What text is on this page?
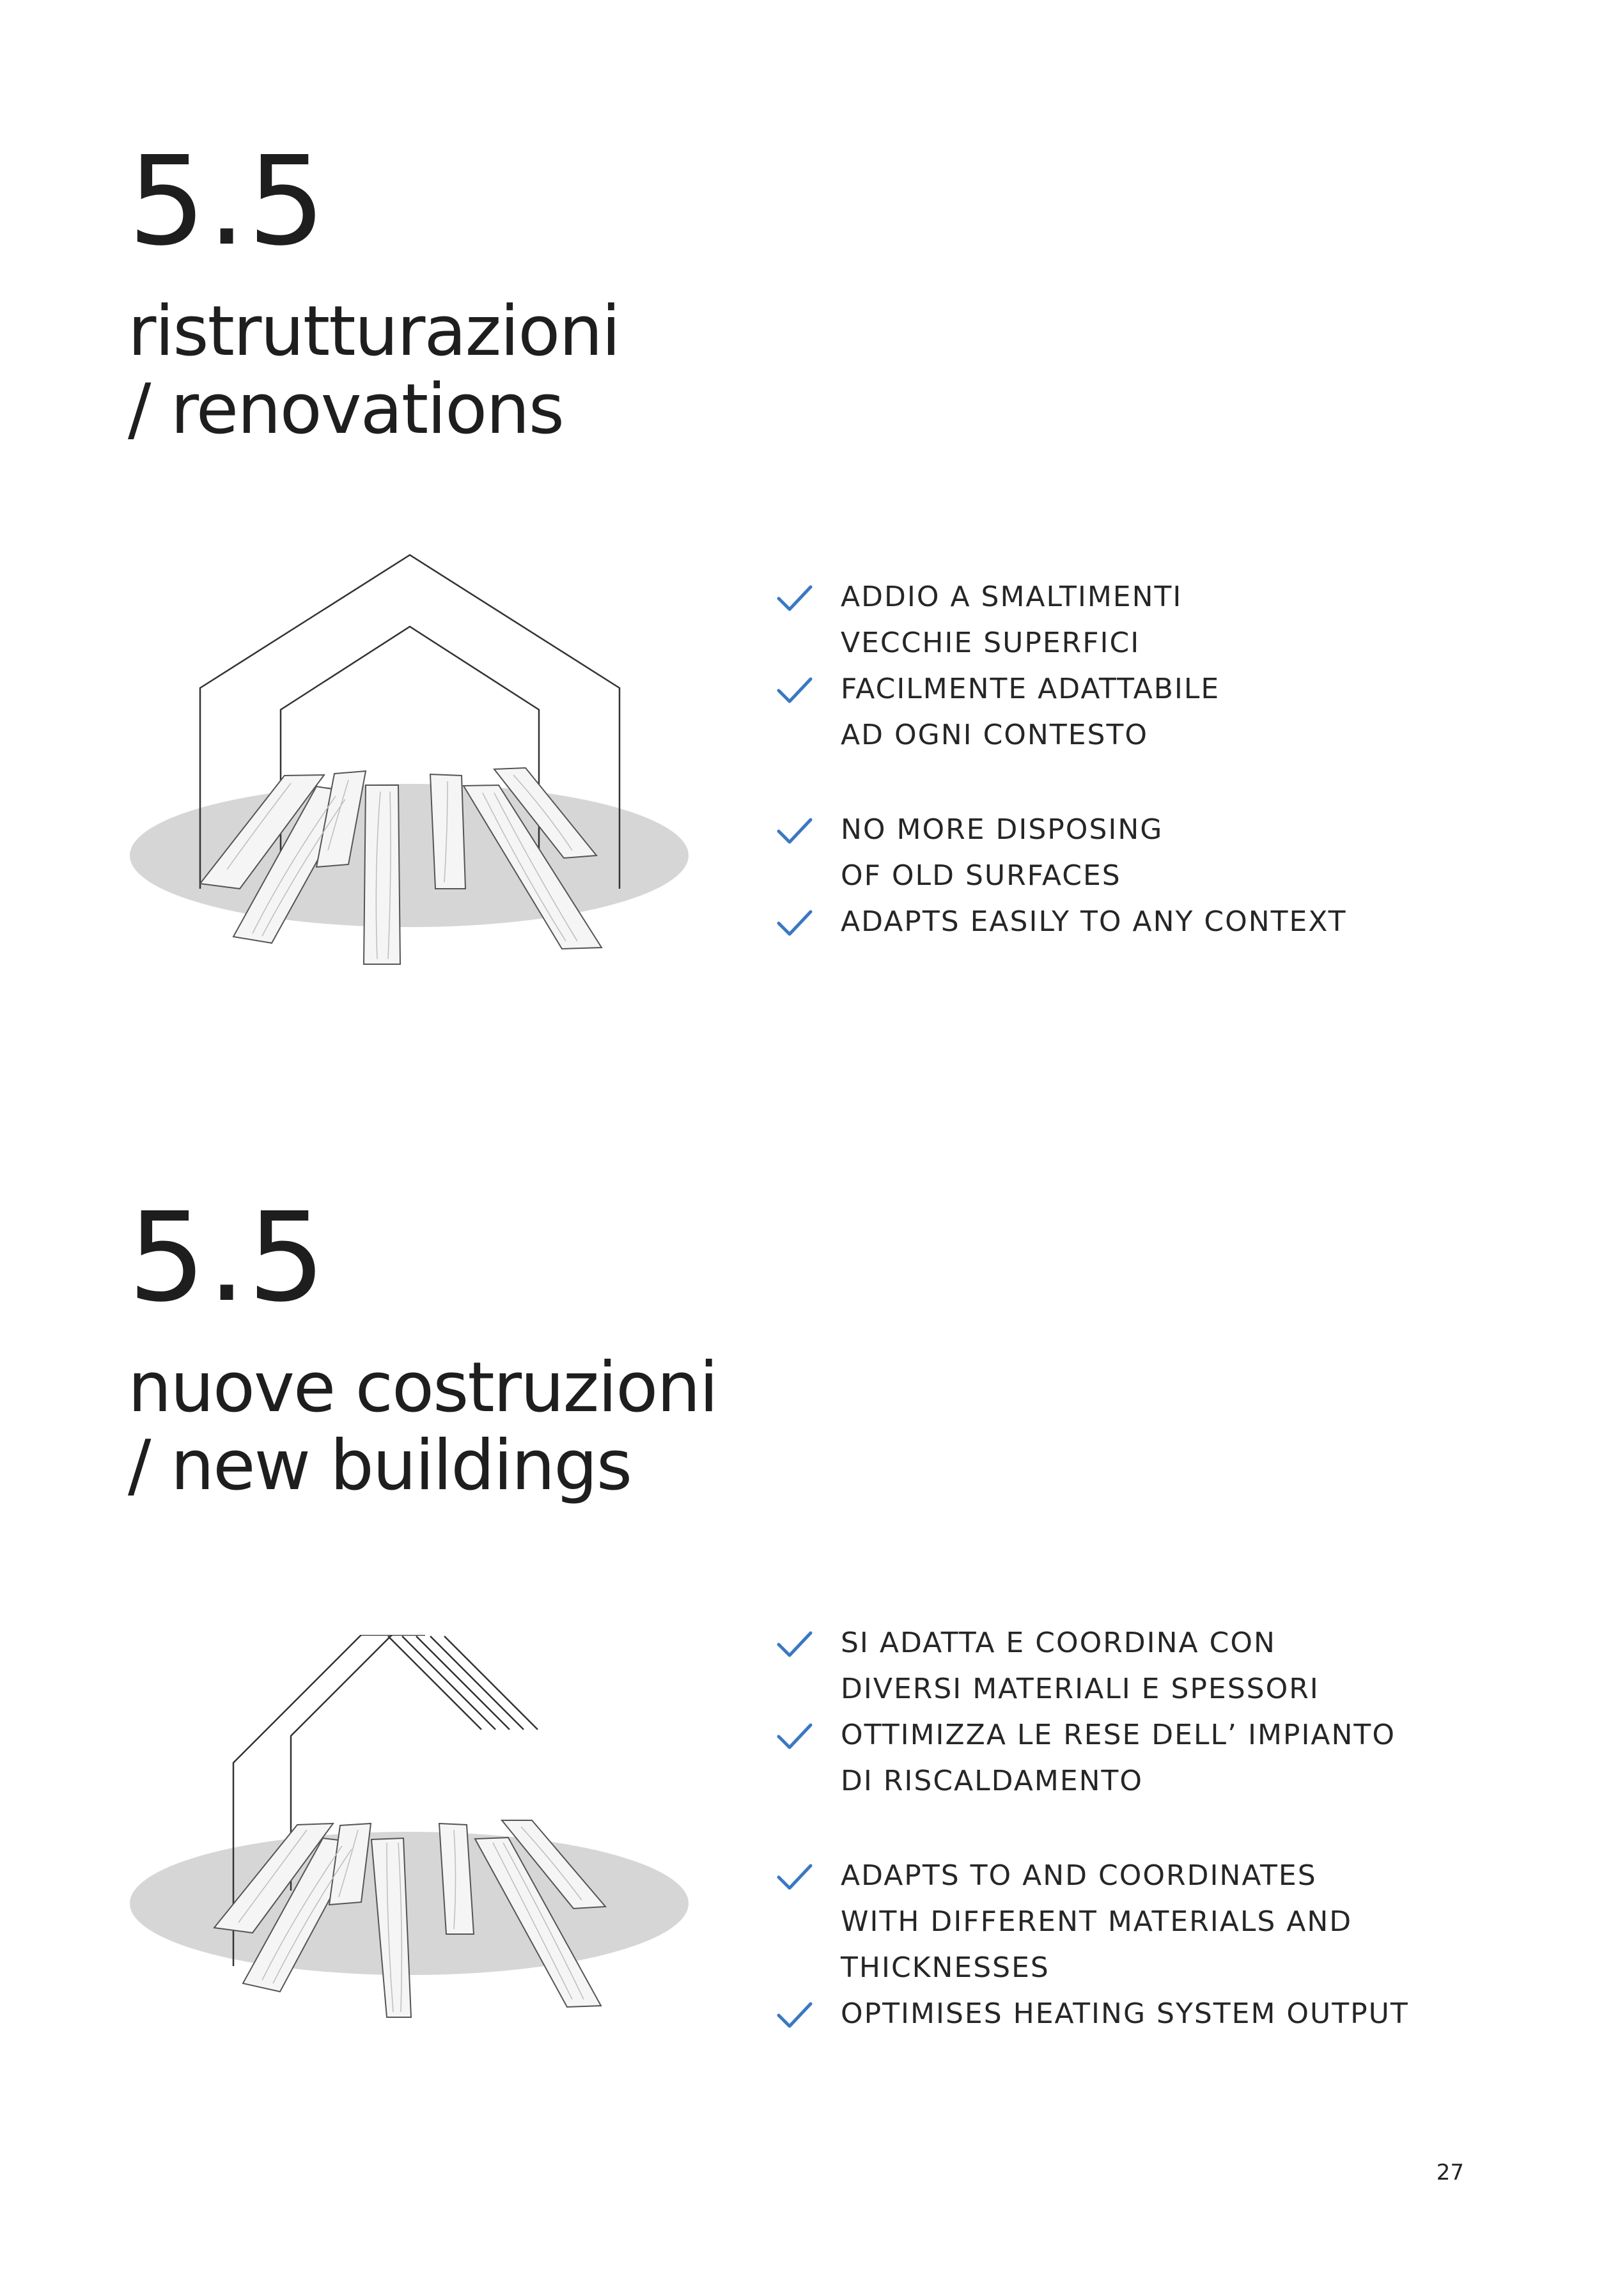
5.5
ristrutturazioni
/ renovations
ADDIO A SMALTIMENTI
VECCHIE SUPERFICI
FACILMENTE ADATTABILE
AD OGNI CONTESTO
NO MORE DISPOSING
OF OLD SURFACES
ADAPTS EASILY TO ANY CONTEXT
5.5
nuove costruzioni
/ new buildings
SI ADATTA E COORDINA CON
DIVERSI MATERIALI E SPESSORI
OTTIMIZZA LE RESE DELL’ IMPIANTO
DI RISCALDAMENTO
ADAPTS TO AND COORDINATES
WITH DIFFERENT MATERIALS AND
THICKNESSES
OPTIMISES HEATING SYSTEM OUTPUT
27
